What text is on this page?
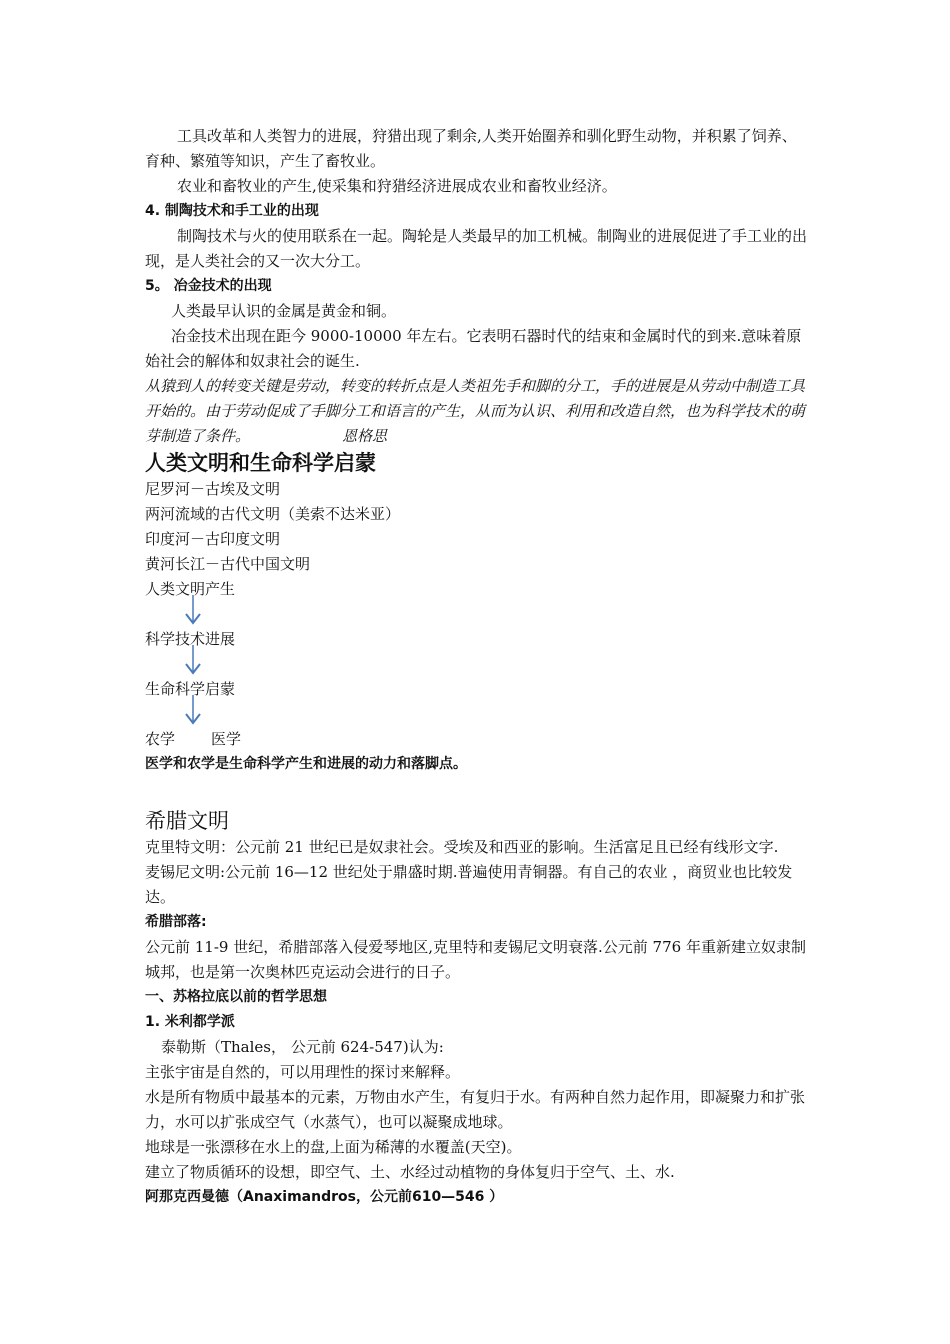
工具改革和人类智力的进展，狩猎出现了剩余,人类开始圈养和驯化野生动物，并积累了饲养、育种、繁殖等知识，产生了畜牧业。
农业和畜牧业的产生,使采集和狩猎经济进展成农业和畜牧业经济。
4. 制陶技术和手工业的出现
制陶技术与火的使用联系在一起。陶轮是人类最早的加工机械。制陶业的进展促进了手工业的出现，是人类社会的又一次大分工。
5。 冶金技术的出现
人类最早认识的金属是黄金和铜。
冶金技术出现在距今 9000-10000 年左右。它表明石器时代的结束和金属时代的到来.意味着原始社会的解体和奴隶社会的诞生.
从猿到人的转变关键是劳动，转变的转折点是人类祖先手和脚的分工，手的进展是从劳动中制造工具开始的。由于劳动促成了手脚分工和语言的产生，从而为认识、利用和改造自然，也为科学技术的萌芽制造了条件。	恩格思
人类文明和生命科学启蒙
尼罗河－古埃及文明
两河流域的古代文明（美索不达米亚）
印度河－古印度文明
黄河长江－古代中国文明
人类文明产生
科学技术进展
生命科学启蒙
农学 医学
医学和农学是生命科学产生和进展的动力和落脚点。
希腊文明
克里特文明：公元前 21 世纪已是奴隶社会。受埃及和西亚的影响。生活富足且已经有线形文字.
麦锡尼文明:公元前 16—12 世纪处于鼎盛时期.普遍使用青铜器。有自己的农业 ，商贸业也比较发达。
希腊部落:
公元前 11-9 世纪，希腊部落入侵爱琴地区,克里特和麦锡尼文明衰落.公元前 776 年重新建立奴隶制城邦，也是第一次奥林匹克运动会进行的日子。
一、苏格拉底以前的哲学思想
1. 米利都学派
泰勒斯（Thales， 公元前 624-547)认为:
主张宇宙是自然的，可以用理性的探讨来解释。
水是所有物质中最基本的元素，万物由水产生，有复归于水。有两种自然力起作用，即凝聚力和扩张力，水可以扩张成空气（水蒸气），也可以凝聚成地球。
地球是一张漂移在水上的盘,上面为稀薄的水覆盖(天空)。
建立了物质循环的设想，即空气、土、水经过动植物的身体复归于空气、土、水.
阿那克西曼德（Anaximandros，公元前610—546 ）
